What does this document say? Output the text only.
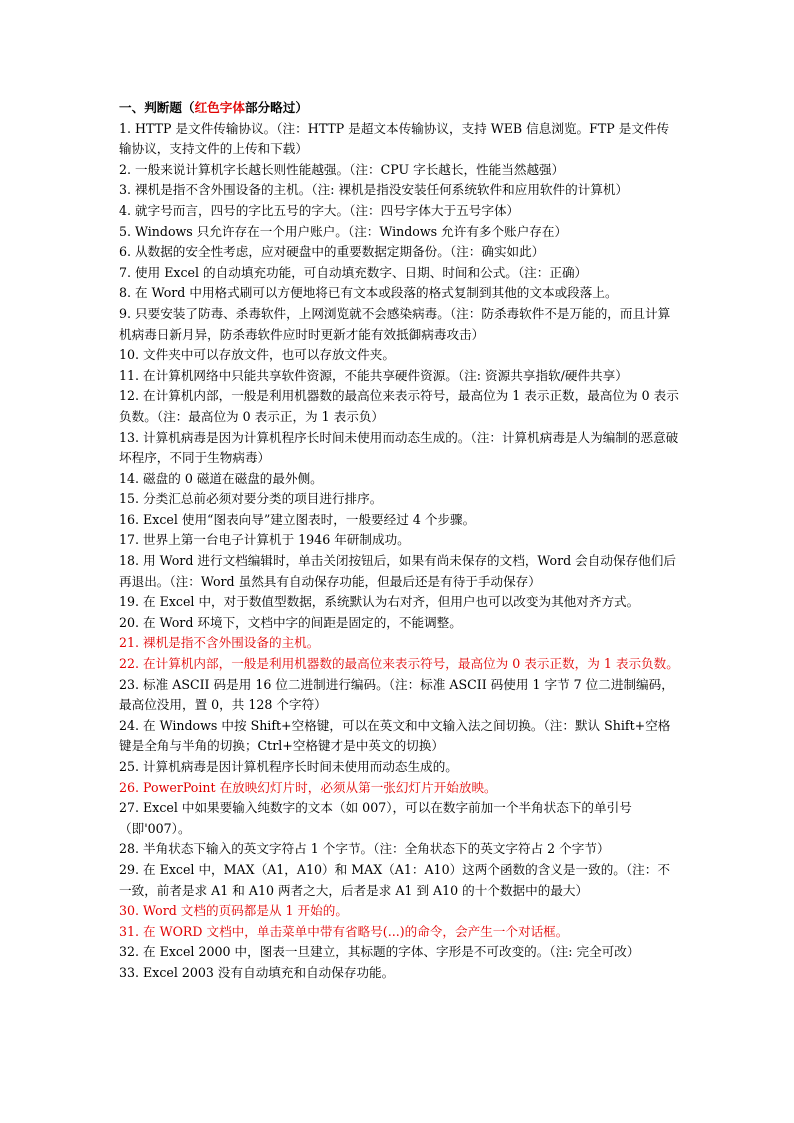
一、判断题（红色字体部分略过）

1. HTTP 是文件传输协议。（注：HTTP 是超文本传输协议，支持 WEB 信息浏览。FTP 是文件传输协议，支持文件的上传和下载）

2. 一般来说计算机字长越长则性能越强。（注：CPU 字长越长，性能当然越强）

3. 裸机是指不含外围设备的主机。（注: 裸机是指没安装任何系统软件和应用软件的计算机）

4. 就字号而言，四号的字比五号的字大。（注：四号字体大于五号字体）

5. Windows 只允许存在一个用户账户。（注：Windows 允许有多个账户存在）

6. 从数据的安全性考虑，应对硬盘中的重要数据定期备份。（注：确实如此）

7. 使用 Excel 的自动填充功能，可自动填充数字、日期、时间和公式。（注：正确）

8. 在 Word 中用格式刷可以方便地将已有文本或段落的格式复制到其他的文本或段落上。

9. 只要安装了防毒、杀毒软件，上网浏览就不会感染病毒。（注：防杀毒软件不是万能的，而且计算机病毒日新月异，防杀毒软件应时时更新才能有效抵御病毒攻击）

10. 文件夹中可以存放文件，也可以存放文件夹。

11. 在计算机网络中只能共享软件资源，不能共享硬件资源。（注: 资源共享指软/硬件共享）

12. 在计算机内部，一般是利用机器数的最高位来表示符号，最高位为 1 表示正数，最高位为 0 表示负数。（注：最高位为 0 表示正，为 1 表示负）

13. 计算机病毒是因为计算机程序长时间未使用而动态生成的。（注：计算机病毒是人为编制的恶意破坏程序，不同于生物病毒）

14. 磁盘的 0 磁道在磁盘的最外侧。

15. 分类汇总前必须对要分类的项目进行排序。

16. Excel 使用“图表向导”建立图表时，一般要经过 4 个步骤。

17. 世界上第一台电子计算机于 1946 年研制成功。

18. 用 Word 进行文档编辑时，单击关闭按钮后，如果有尚未保存的文档，Word 会自动保存他们后再退出。（注：Word 虽然具有自动保存功能，但最后还是有待于手动保存）

19. 在 Excel 中，对于数值型数据，系统默认为右对齐，但用户也可以改变为其他对齐方式。

20. 在 Word 环境下，文档中字的间距是固定的，不能调整。

21. 裸机是指不含外围设备的主机。

22. 在计算机内部，一般是利用机器数的最高位来表示符号，最高位为 0 表示正数，为 1 表示负数。

23. 标准 ASCII 码是用 16 位二进制进行编码。（注：标准 ASCII 码使用 1 字节 7 位二进制编码，最高位没用，置 0，共 128 个字符）

24. 在 Windows 中按 Shift+空格键，可以在英文和中文输入法之间切换。（注：默认 Shift+空格键是全角与半角的切换；Ctrl+空格键才是中英文的切换）

25. 计算机病毒是因计算机程序长时间未使用而动态生成的。

26. PowerPoint 在放映幻灯片时，必须从第一张幻灯片开始放映。

27. Excel 中如果要输入纯数字的文本（如 007），可以在数字前加一个半角状态下的单引号（即'007）。

28. 半角状态下输入的英文字符占 1 个字节。（注：全角状态下的英文字符占 2 个字节）

29. 在 Excel 中，MAX（A1，A10）和 MAX（A1：A10）这两个函数的含义是一致的。（注：不一致，前者是求 A1 和 A10 两者之大，后者是求 A1 到 A10 的十个数据中的最大）

30. Word 文档的页码都是从 1 开始的。

31. 在 WORD 文档中，单击菜单中带有省略号(...)的命令，会产生一个对话框。

32. 在 Excel 2000 中，图表一旦建立，其标题的字体、字形是不可改变的。（注: 完全可改）

33. Excel 2003 没有自动填充和自动保存功能。
